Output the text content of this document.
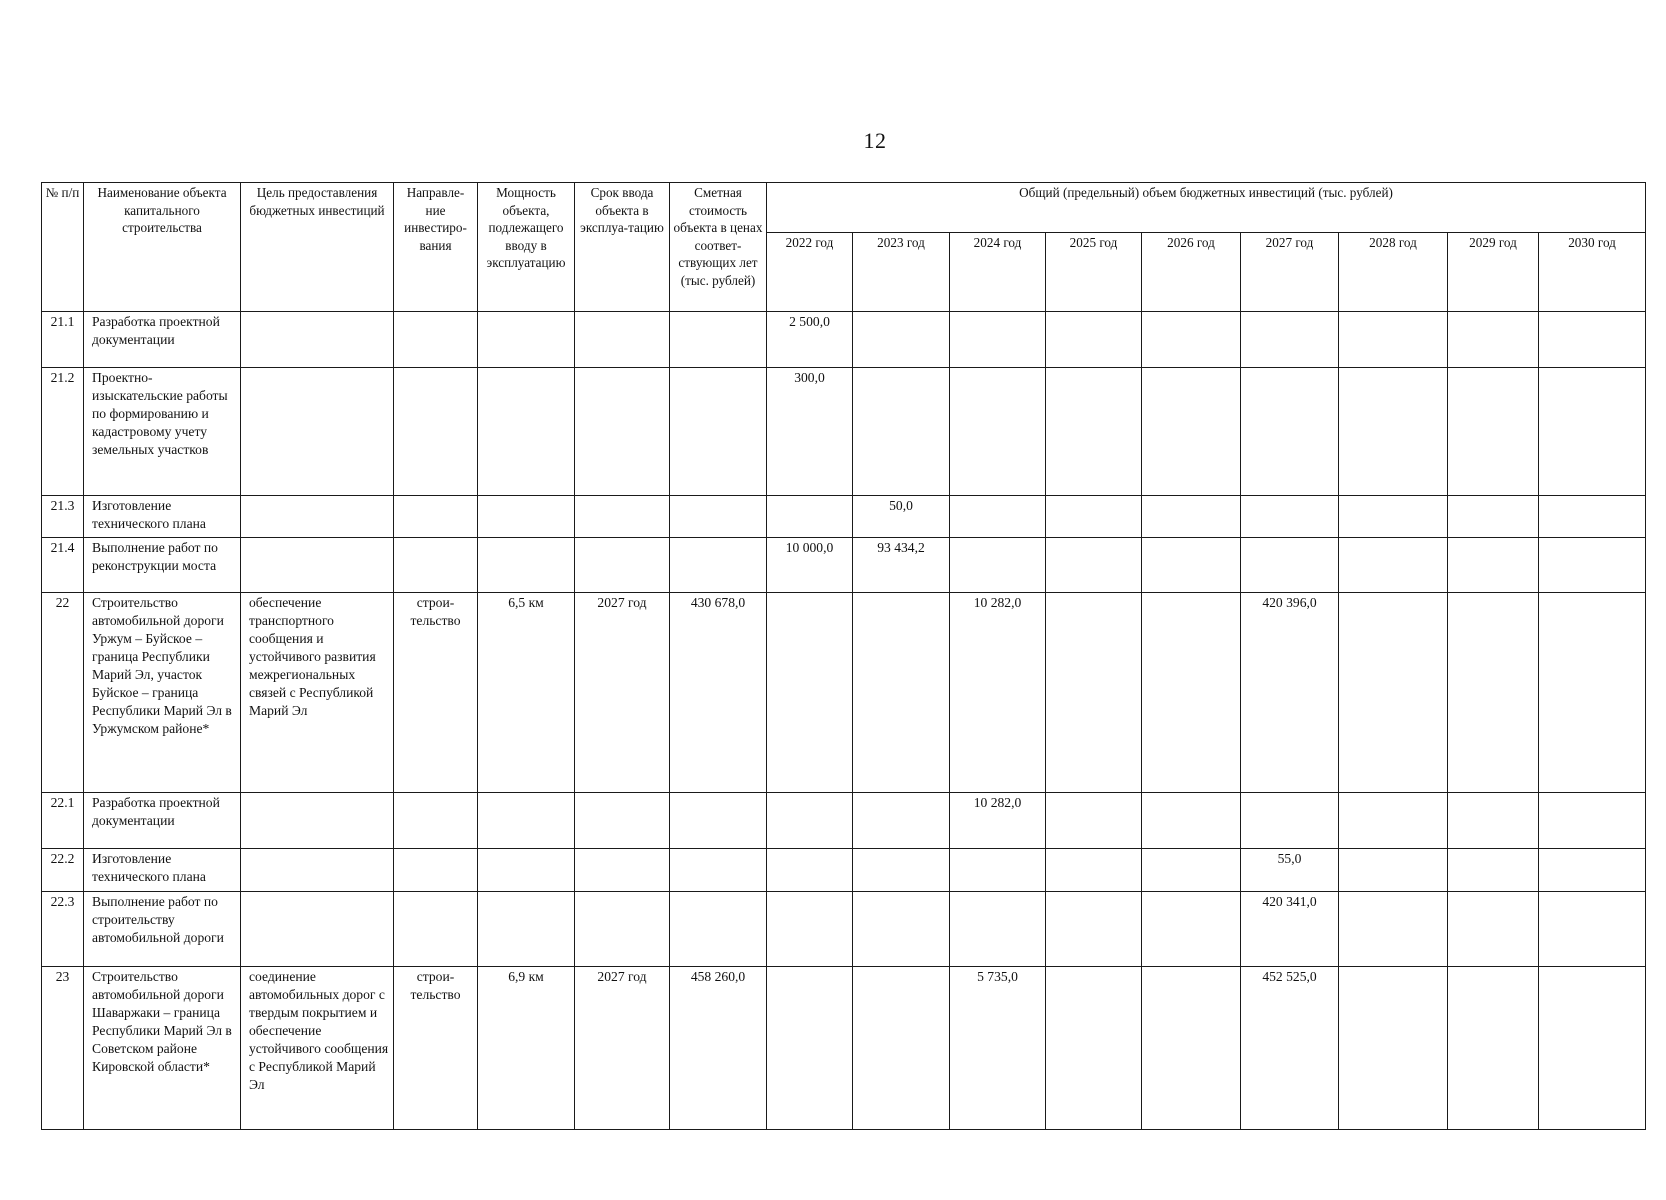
12
№ п/п	Наименование объекта капитального строительства	Цель предоставления бюджетных инвестиций	Направле-ние инвестиро-вания	Мощность объекта, подлежащего вводу в эксплуатацию	Срок ввода объекта в эксплуа-тацию	Сметная стоимость объекта в ценах соответ-ствующих лет (тыс. рублей)	Общий (предельный) объем бюджетных инвестиций (тыс. рублей)								
							2022 год	2023 год	2024 год	2025 год	2026 год	2027 год	2028 год	2029 год	2030 год
21.1	Разработка проектной документации						2 500,0								
21.2	Проектно-изыскательские работы по формированию и кадастровому учету земельных участков						300,0								
21.3	Изготовление технического плана							50,0							
21.4	Выполнение работ по реконструкции моста						10 000,0	93 434,2							
22	Строительство автомобильной дороги Уржум – Буйское – граница Республики Марий Эл, участок Буйское – граница Республики Марий Эл в Уржумском районе*	обеспечение транспортного сообщения и устойчивого развития межрегиональных связей с Республикой Марий Эл	строи-тельство	6,5 км	2027 год	430 678,0			10 282,0			420 396,0			
22.1	Разработка проектной документации								10 282,0						
22.2	Изготовление технического плана											55,0			
22.3	Выполнение работ по строительству автомобильной дороги											420 341,0			
23	Строительство автомобильной дороги Шаваржаки – граница Республики Марий Эл в Советском районе Кировской области*	соединение автомобильных дорог с твердым покрытием и обеспечение устойчивого сообщения с Республикой Марий Эл	строи-тельство	6,9 км	2027 год	458 260,0			5 735,0			452 525,0			
